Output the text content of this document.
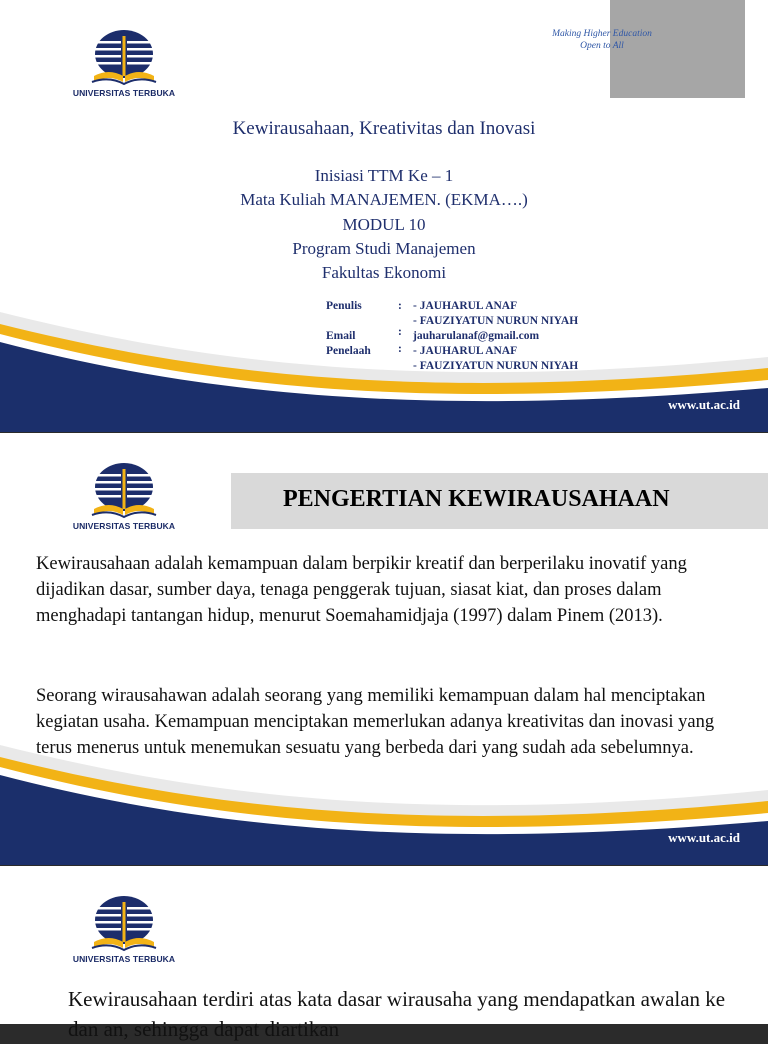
UNIVERSITAS TERBUKA
Making Higher Education Open to All
Kewirausahaan, Kreativitas dan Inovasi
Inisiasi TTM Ke – 1
Mata Kuliah MANAJEMEN. (EKMA….)
MODUL 10
Program Studi Manajemen
Fakultas Ekonomi
Penulis	: - JAUHARUL ANAF
- FAUZIYATUN NURUN NIYAH
Email	: jauharulanaf@gmail.com
Penelaah : - JAUHARUL ANAF
- FAUZIYATUN NURUN NIYAH
www.ut.ac.id
UNIVERSITAS TERBUKA
PENGERTIAN KEWIRAUSAHAAN
Kewirausahaan adalah kemampuan dalam berpikir kreatif dan berperilaku inovatif yang dijadikan dasar, sumber daya, tenaga penggerak tujuan, siasat kiat, dan proses dalam menghadapi tantangan hidup, menurut Soemahamidjaja (1997) dalam Pinem (2013).
Seorang wirausahawan adalah seorang yang memiliki kemampuan dalam hal menciptakan kegiatan usaha. Kemampuan menciptakan memerlukan adanya kreativitas dan inovasi yang terus menerus untuk menemukan sesuatu yang berbeda dari yang sudah ada sebelumnya.
www.ut.ac.id
UNIVERSITAS TERBUKA
Kewirausahaan terdiri atas kata dasar wirausaha yang mendapatkan awalan ke dan an, sehingga dapat diartikan
